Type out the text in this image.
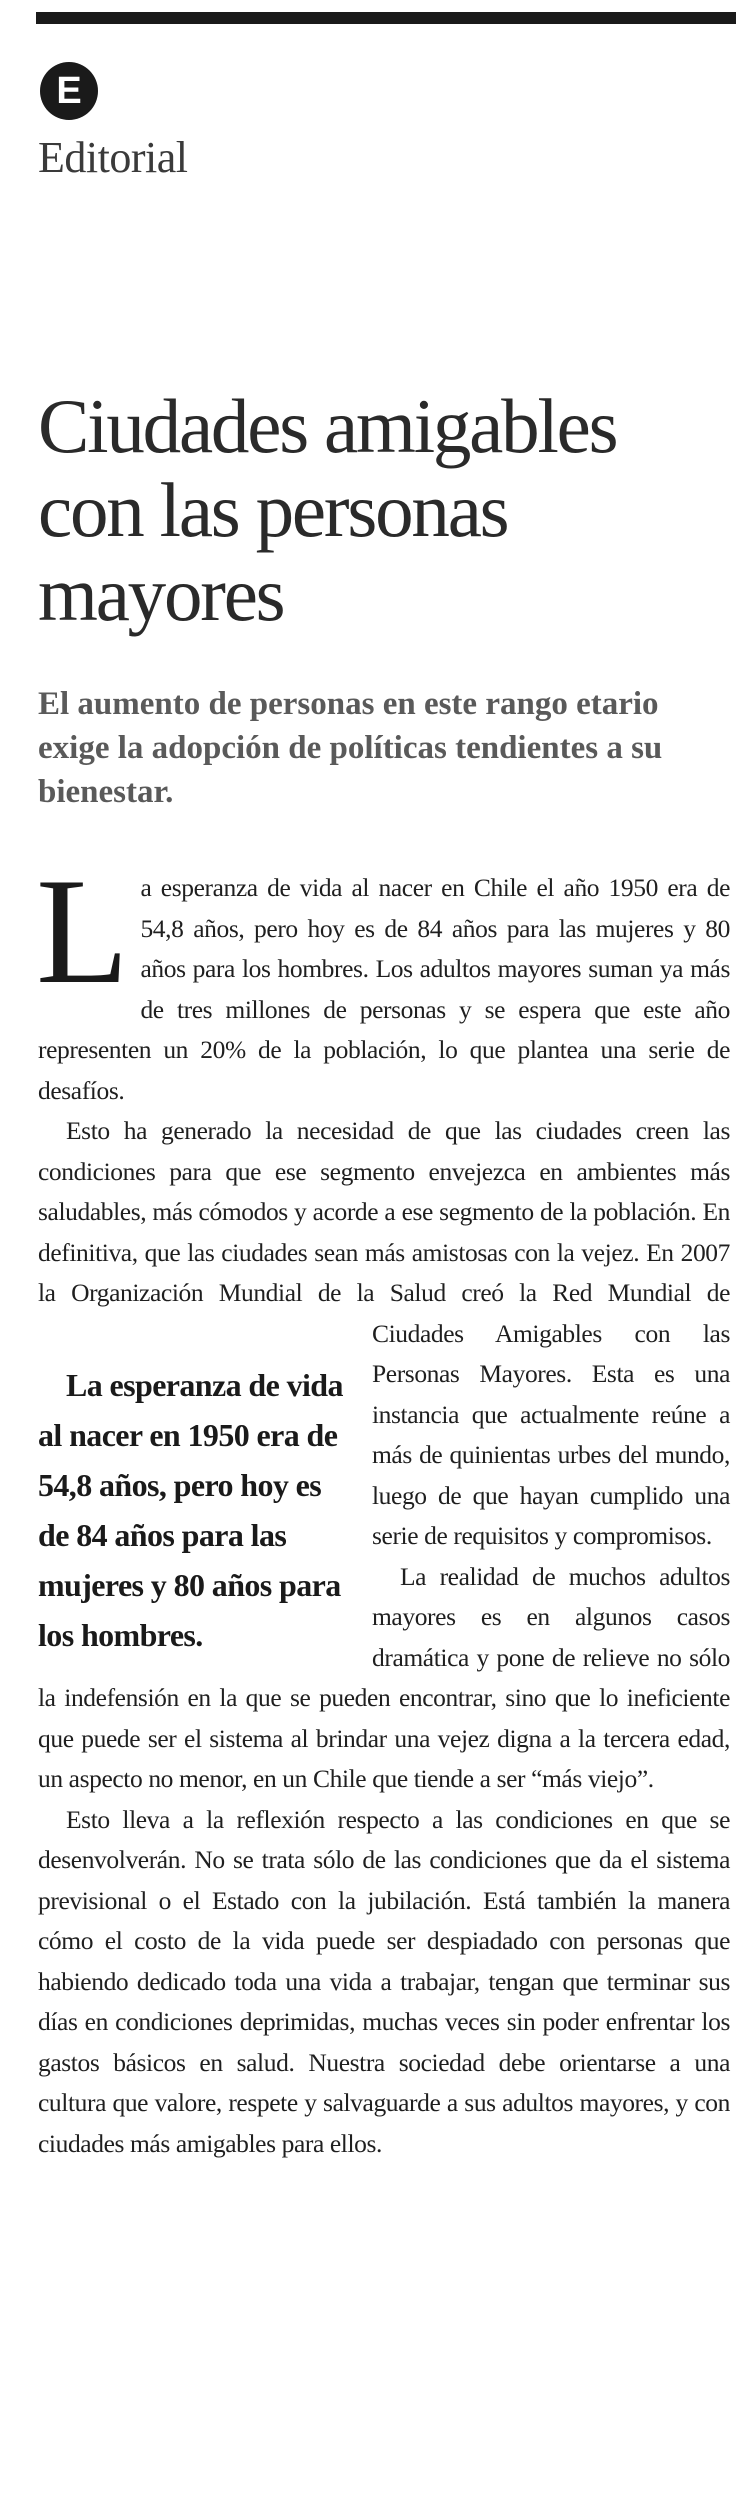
E
Editorial
Ciudades amigables con las personas mayores

El aumento de personas en este rango etario exige la adopción de políticas tendientes a su bienestar.

La esperanza de vida al nacer en Chile el año 1950 era de 54,8 años, pero hoy es de 84 años para las mujeres y 80 años para los hombres. Los adultos mayores suman ya más de tres millones de personas y se espera que este año representen un 20% de la población, lo que plantea una serie de desafíos.

Esto ha generado la necesidad de que las ciudades creen las condiciones para que ese segmento envejezca en ambientes más saludables, más cómodos y acorde a ese segmento de la población. En definitiva, que las ciudades sean más amistosas con la vejez. En 2007 la Organización Mundial de la Salud creó la Red
La esperanza de vida al nacer en 1950 era de 54,8 años, pero hoy es de 84 años para las mujeres y 80 años para los hombres.
Mundial de Ciudades Amigables con las Personas Mayores. Esta es una instancia que actualmente reúne a más de quinientas urbes del mundo, luego de que hayan cumplido una serie de requisitos y compromisos.

La realidad de muchos adultos mayores es en algunos casos dramática y pone de relieve no sólo la indefensión en la que se pueden encontrar, sino que lo ineficiente que puede ser el sistema al brindar una vejez digna a la tercera edad, un aspecto no menor, en un Chile que tiende a ser “más viejo”.

Esto lleva a la reflexión respecto a las condiciones en que se desenvolverán. No se trata sólo de las condiciones que da el sistema previsional o el Estado con la jubilación. Está también la manera cómo el costo de la vida puede ser despiadado con personas que habiendo dedicado toda una vida a trabajar, tengan que terminar sus días en condiciones deprimidas, muchas veces sin poder enfrentar los gastos básicos en salud. Nuestra sociedad debe orientarse a una cultura que valore, respete y salvaguarde a sus adultos mayores, y con ciudades más amigables para ellos.
